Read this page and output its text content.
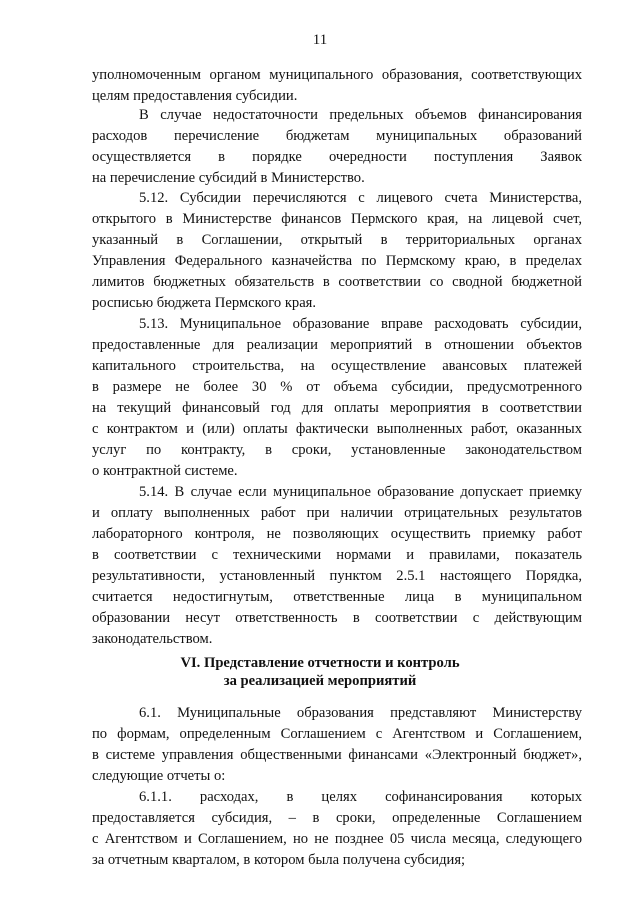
11
уполномоченным органом муниципального образования, соответствующих
целям предоставления субсидии.
В случае недостаточности предельных объемов финансирования
расходов перечисление бюджетам муниципальных образований
осуществляется в порядке очередности поступления Заявок
на перечисление субсидий в Министерство.
5.12. Субсидии перечисляются с лицевого счета Министерства,
открытого в Министерстве финансов Пермского края, на лицевой счет,
указанный в Соглашении, открытый в территориальных органах
Управления Федерального казначейства по Пермскому краю, в пределах
лимитов бюджетных обязательств в соответствии со сводной бюджетной
росписью бюджета Пермского края.
5.13. Муниципальное образование вправе расходовать субсидии,
предоставленные для реализации мероприятий в отношении объектов
капитального строительства, на осуществление авансовых платежей
в размере не более 30 % от объема субсидии, предусмотренного
на текущий финансовый год для оплаты мероприятия в соответствии
с контрактом и (или) оплаты фактически выполненных работ, оказанных
услуг по контракту, в сроки, установленные законодательством
о контрактной системе.
5.14. В случае если муниципальное образование допускает приемку
и оплату выполненных работ при наличии отрицательных результатов
лабораторного контроля, не позволяющих осуществить приемку работ
в соответствии с техническими нормами и правилами, показатель
результативности, установленный пунктом 2.5.1 настоящего Порядка,
считается недостигнутым, ответственные лица в муниципальном
образовании несут ответственность в соответствии с действующим
законодательством.
VI. Представление отчетности и контроль
за реализацией мероприятий
6.1. Муниципальные образования представляют Министерству
по формам, определенным Соглашением с Агентством и Соглашением,
в системе управления общественными финансами «Электронный бюджет»,
следующие отчеты о:
6.1.1. расходах, в целях софинансирования которых
предоставляется субсидия, – в сроки, определенные Соглашением
с Агентством и Соглашением, но не позднее 05 числа месяца, следующего
за отчетным кварталом, в котором была получена субсидия;
